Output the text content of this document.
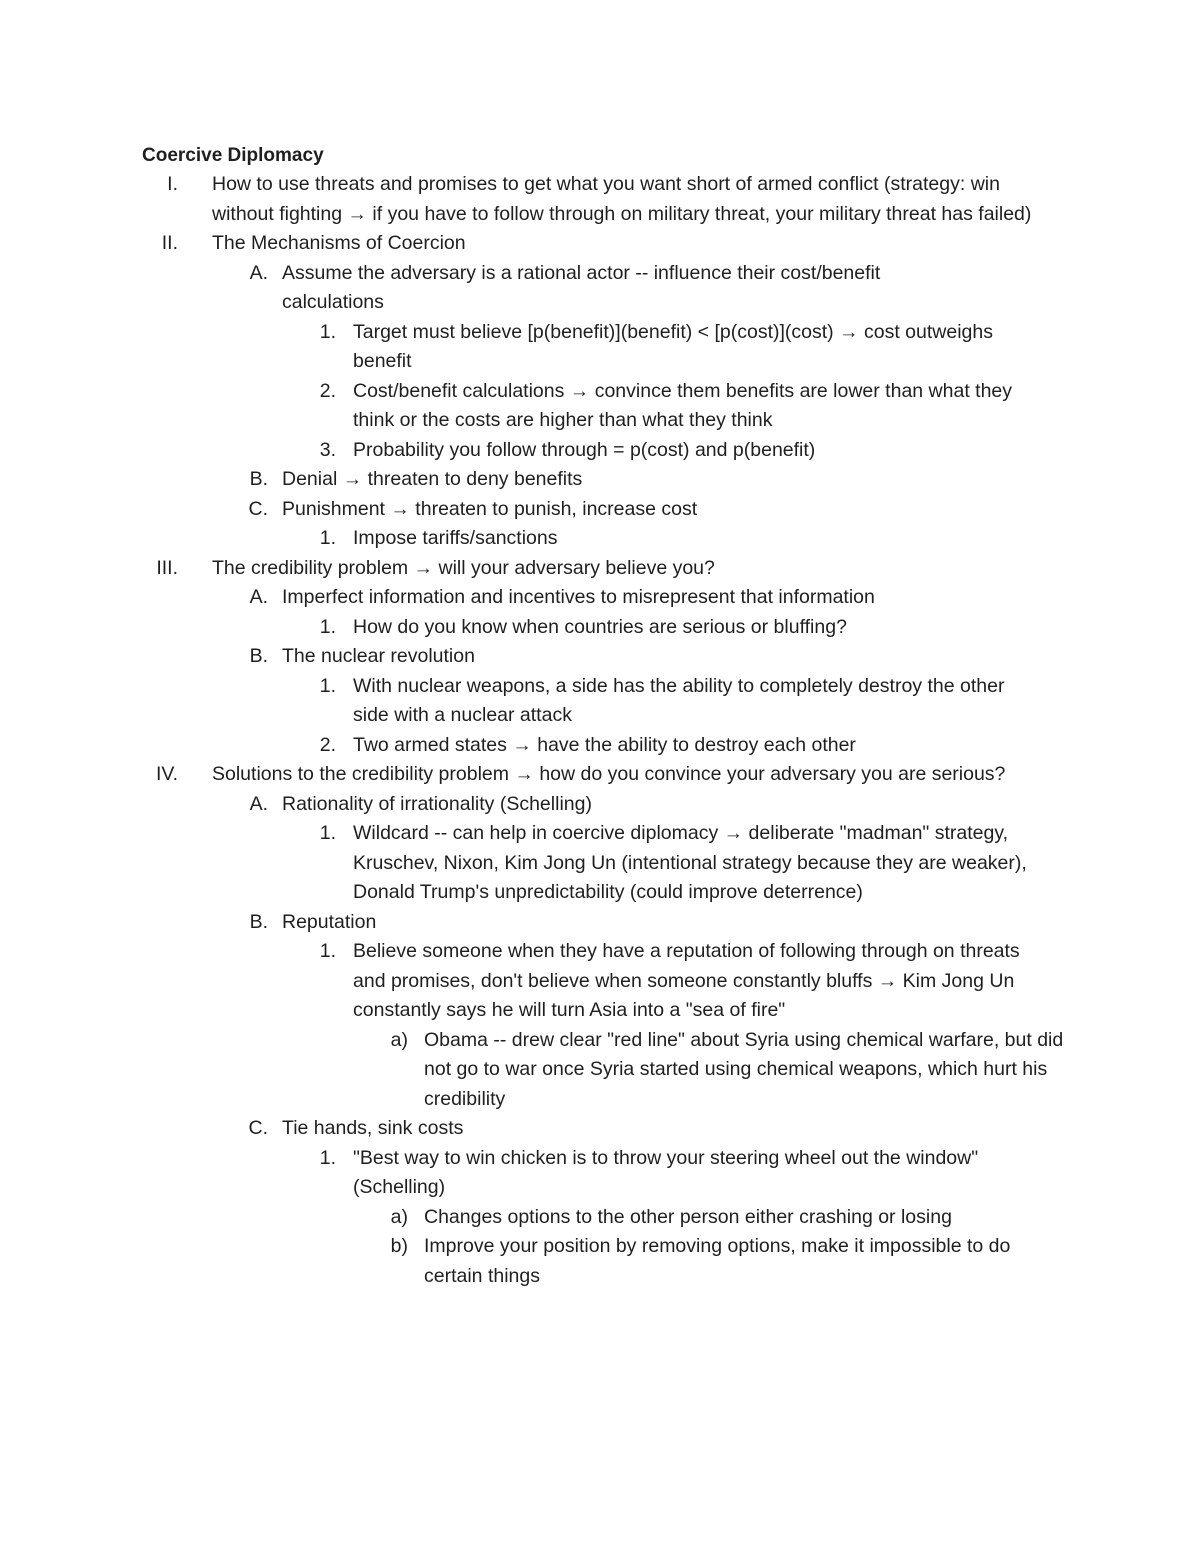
Coercive Diplomacy
I.	How to use threats and promises to get what you want short of armed conflict (strategy: win without fighting → if you have to follow through on military threat, your military threat has failed)
II.	The Mechanisms of Coercion
A. Assume the adversary is a rational actor -- influence their cost/benefit calculations
1. Target must believe [p(benefit)](benefit) < [p(cost)](cost) → cost outweighs benefit
2. Cost/benefit calculations → convince them benefits are lower than what they think or the costs are higher than what they think
3. Probability you follow through = p(cost) and p(benefit)
B. Denial → threaten to deny benefits
C. Punishment → threaten to punish, increase cost
1. Impose tariffs/sanctions
III.	The credibility problem → will your adversary believe you?
A. Imperfect information and incentives to misrepresent that information
1. How do you know when countries are serious or bluffing?
B. The nuclear revolution
1. With nuclear weapons, a side has the ability to completely destroy the other side with a nuclear attack
2. Two armed states → have the ability to destroy each other
IV.	Solutions to the credibility problem → how do you convince your adversary you are serious?
A. Rationality of irrationality (Schelling)
1. Wildcard -- can help in coercive diplomacy → deliberate "madman" strategy, Kruschev, Nixon, Kim Jong Un (intentional strategy because they are weaker), Donald Trump's unpredictability (could improve deterrence)
B. Reputation
1. Believe someone when they have a reputation of following through on threats and promises, don't believe when someone constantly bluffs → Kim Jong Un constantly says he will turn Asia into a "sea of fire"
a) Obama -- drew clear "red line" about Syria using chemical warfare, but did not go to war once Syria started using chemical weapons, which hurt his credibility
C. Tie hands, sink costs
1. "Best way to win chicken is to throw your steering wheel out the window" (Schelling)
a) Changes options to the other person either crashing or losing
b) Improve your position by removing options, make it impossible to do certain things
